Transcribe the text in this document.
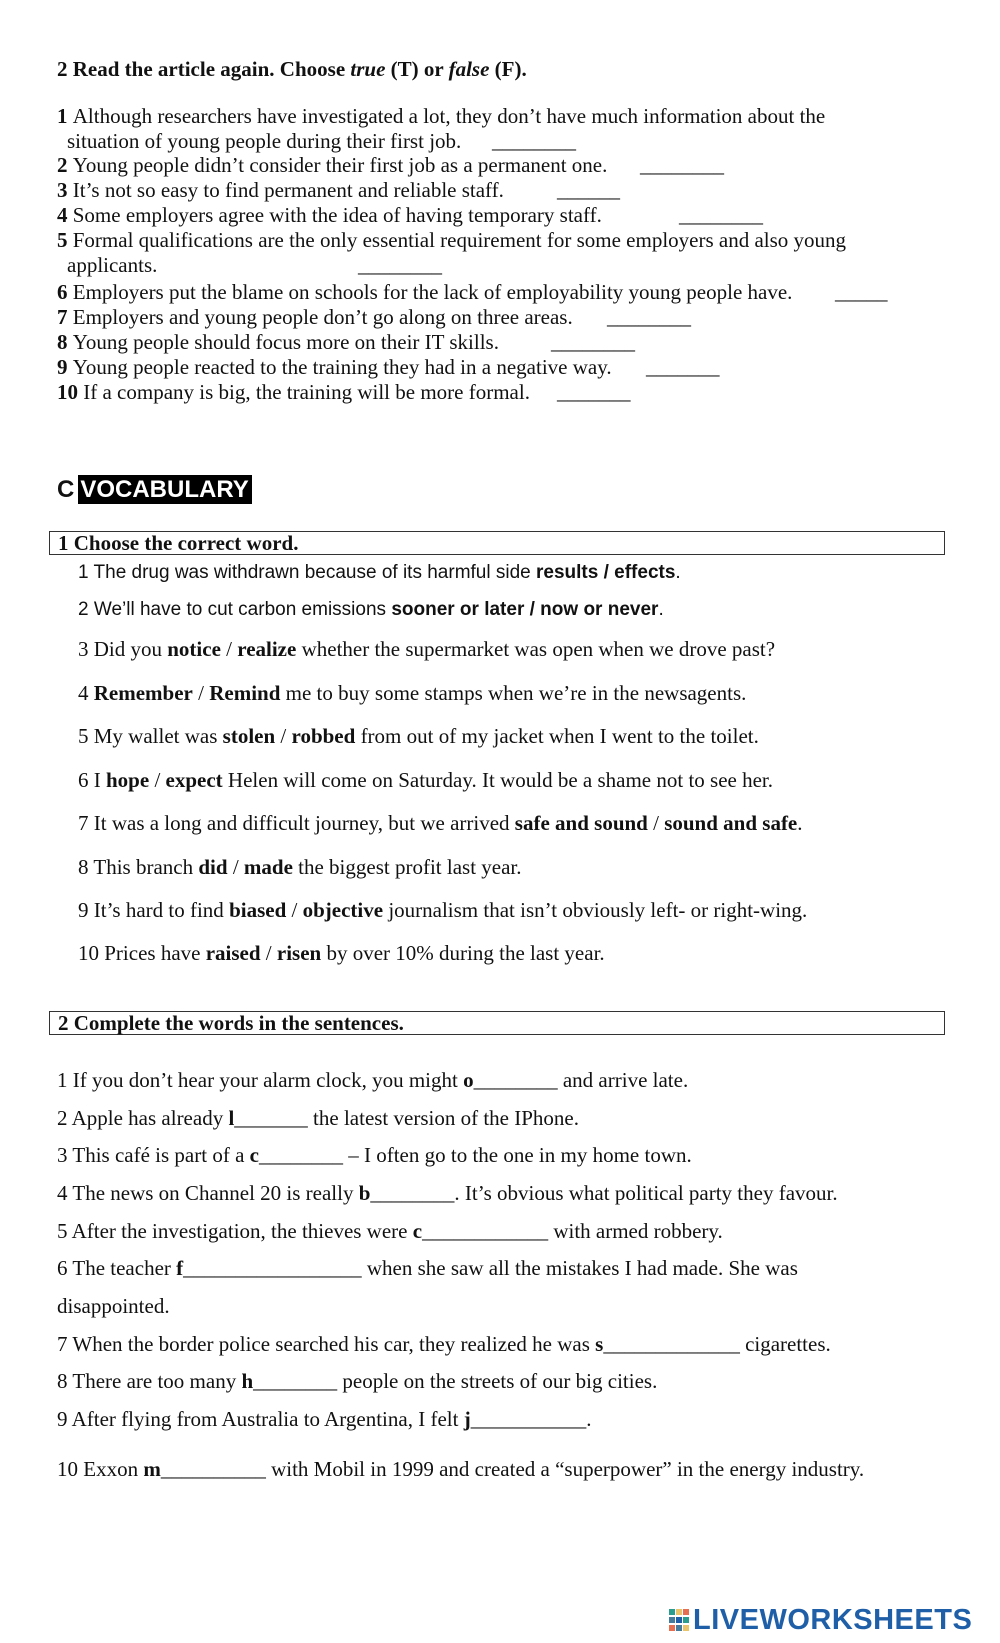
2 Read the article again. Choose true (T) or false (F).
1 Although researchers have investigated a lot, they don’t have much information about the
situation of young people during their first job. ________
2 Young people didn’t consider their first job as a permanent one. ________
3 It’s not so easy to find permanent and reliable staff.	______
4 Some employers agree with the idea of having temporary staff.	________
5 Formal qualifications are the only essential requirement for some employers and also young
applicants.	________
6 Employers put the blame on schools for the lack of employability young people have. _____
7 Employers and young people don’t go along on three areas. ________
8 Young people should focus more on their IT skills. ________
9 Young people reacted to the training they had in a negative way. _______
10 If a company is big, the training will be more formal. _______
C VOCABULARY
1 Choose the correct word.
1 The drug was withdrawn because of its harmful side results / effects.
2 We’ll have to cut carbon emissions sooner or later / now or never.
3 Did you notice / realize whether the supermarket was open when we drove past?
4 Remember / Remind me to buy some stamps when we’re in the newsagents.
5 My wallet was stolen / robbed from out of my jacket when I went to the toilet.
6 I hope / expect Helen will come on Saturday. It would be a shame not to see her.
7 It was a long and difficult journey, but we arrived safe and sound / sound and safe.
8 This branch did / made the biggest profit last year.
9 It’s hard to find biased / objective journalism that isn’t obviously left- or right-wing.
10 Prices have raised / risen by over 10% during the last year.
2 Complete the words in the sentences.
1 If you don’t hear your alarm clock, you might o________ and arrive late.
2 Apple has already l_______ the latest version of the IPhone.
3 This café is part of a c________ – I often go to the one in my home town.
4 The news on Channel 20 is really b________. It’s obvious what political party they favour.
5 After the investigation, the thieves were c____________ with armed robbery.
6 The teacher f_________________ when she saw all the mistakes I had made. She was
disappointed.
7 When the border police searched his car, they realized he was s_____________ cigarettes.
8 There are too many h________ people on the streets of our big cities.
9 After flying from Australia to Argentina, I felt j___________.
10 Exxon m__________ with Mobil in 1999 and created a “superpower” in the energy industry.
LIVEWORKSHEETS
